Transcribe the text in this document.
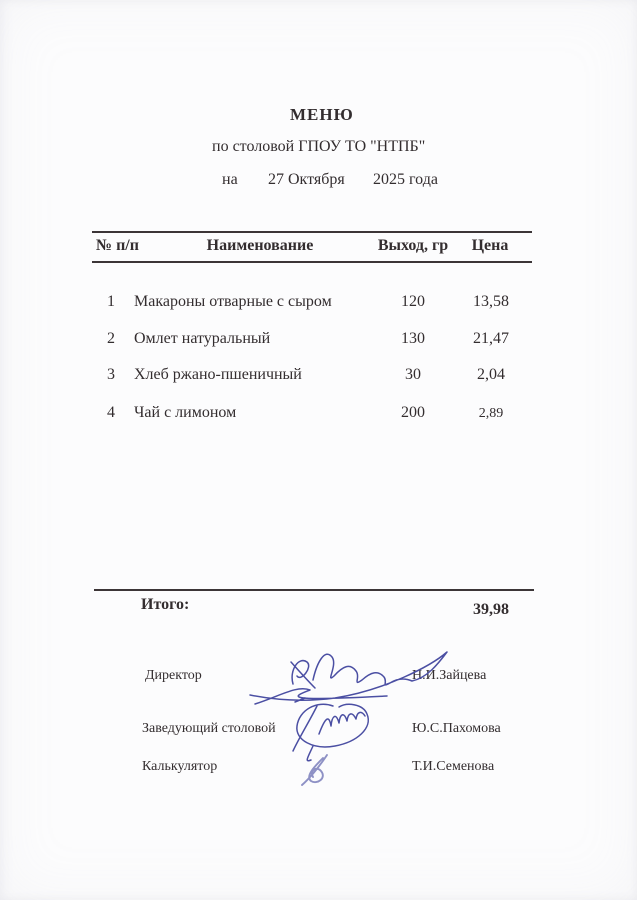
МЕНЮ
по столовой ГПОУ ТО "НТПБ"
на 27 Октября 2025 года
№ п/п	Наименование	Выход, гр	Цена
1	Макароны отварные с сыром	120	13,58
2	Омлет натуральный	130	21,47
3	Хлеб ржано-пшеничный	30	2,04
4	Чай с лимоном	200	2,89
Итого:	39,98
Директор	Н.И.Зайцева
Заведующий столовой	Ю.С.Пахомова
Калькулятор	Т.И.Семенова
